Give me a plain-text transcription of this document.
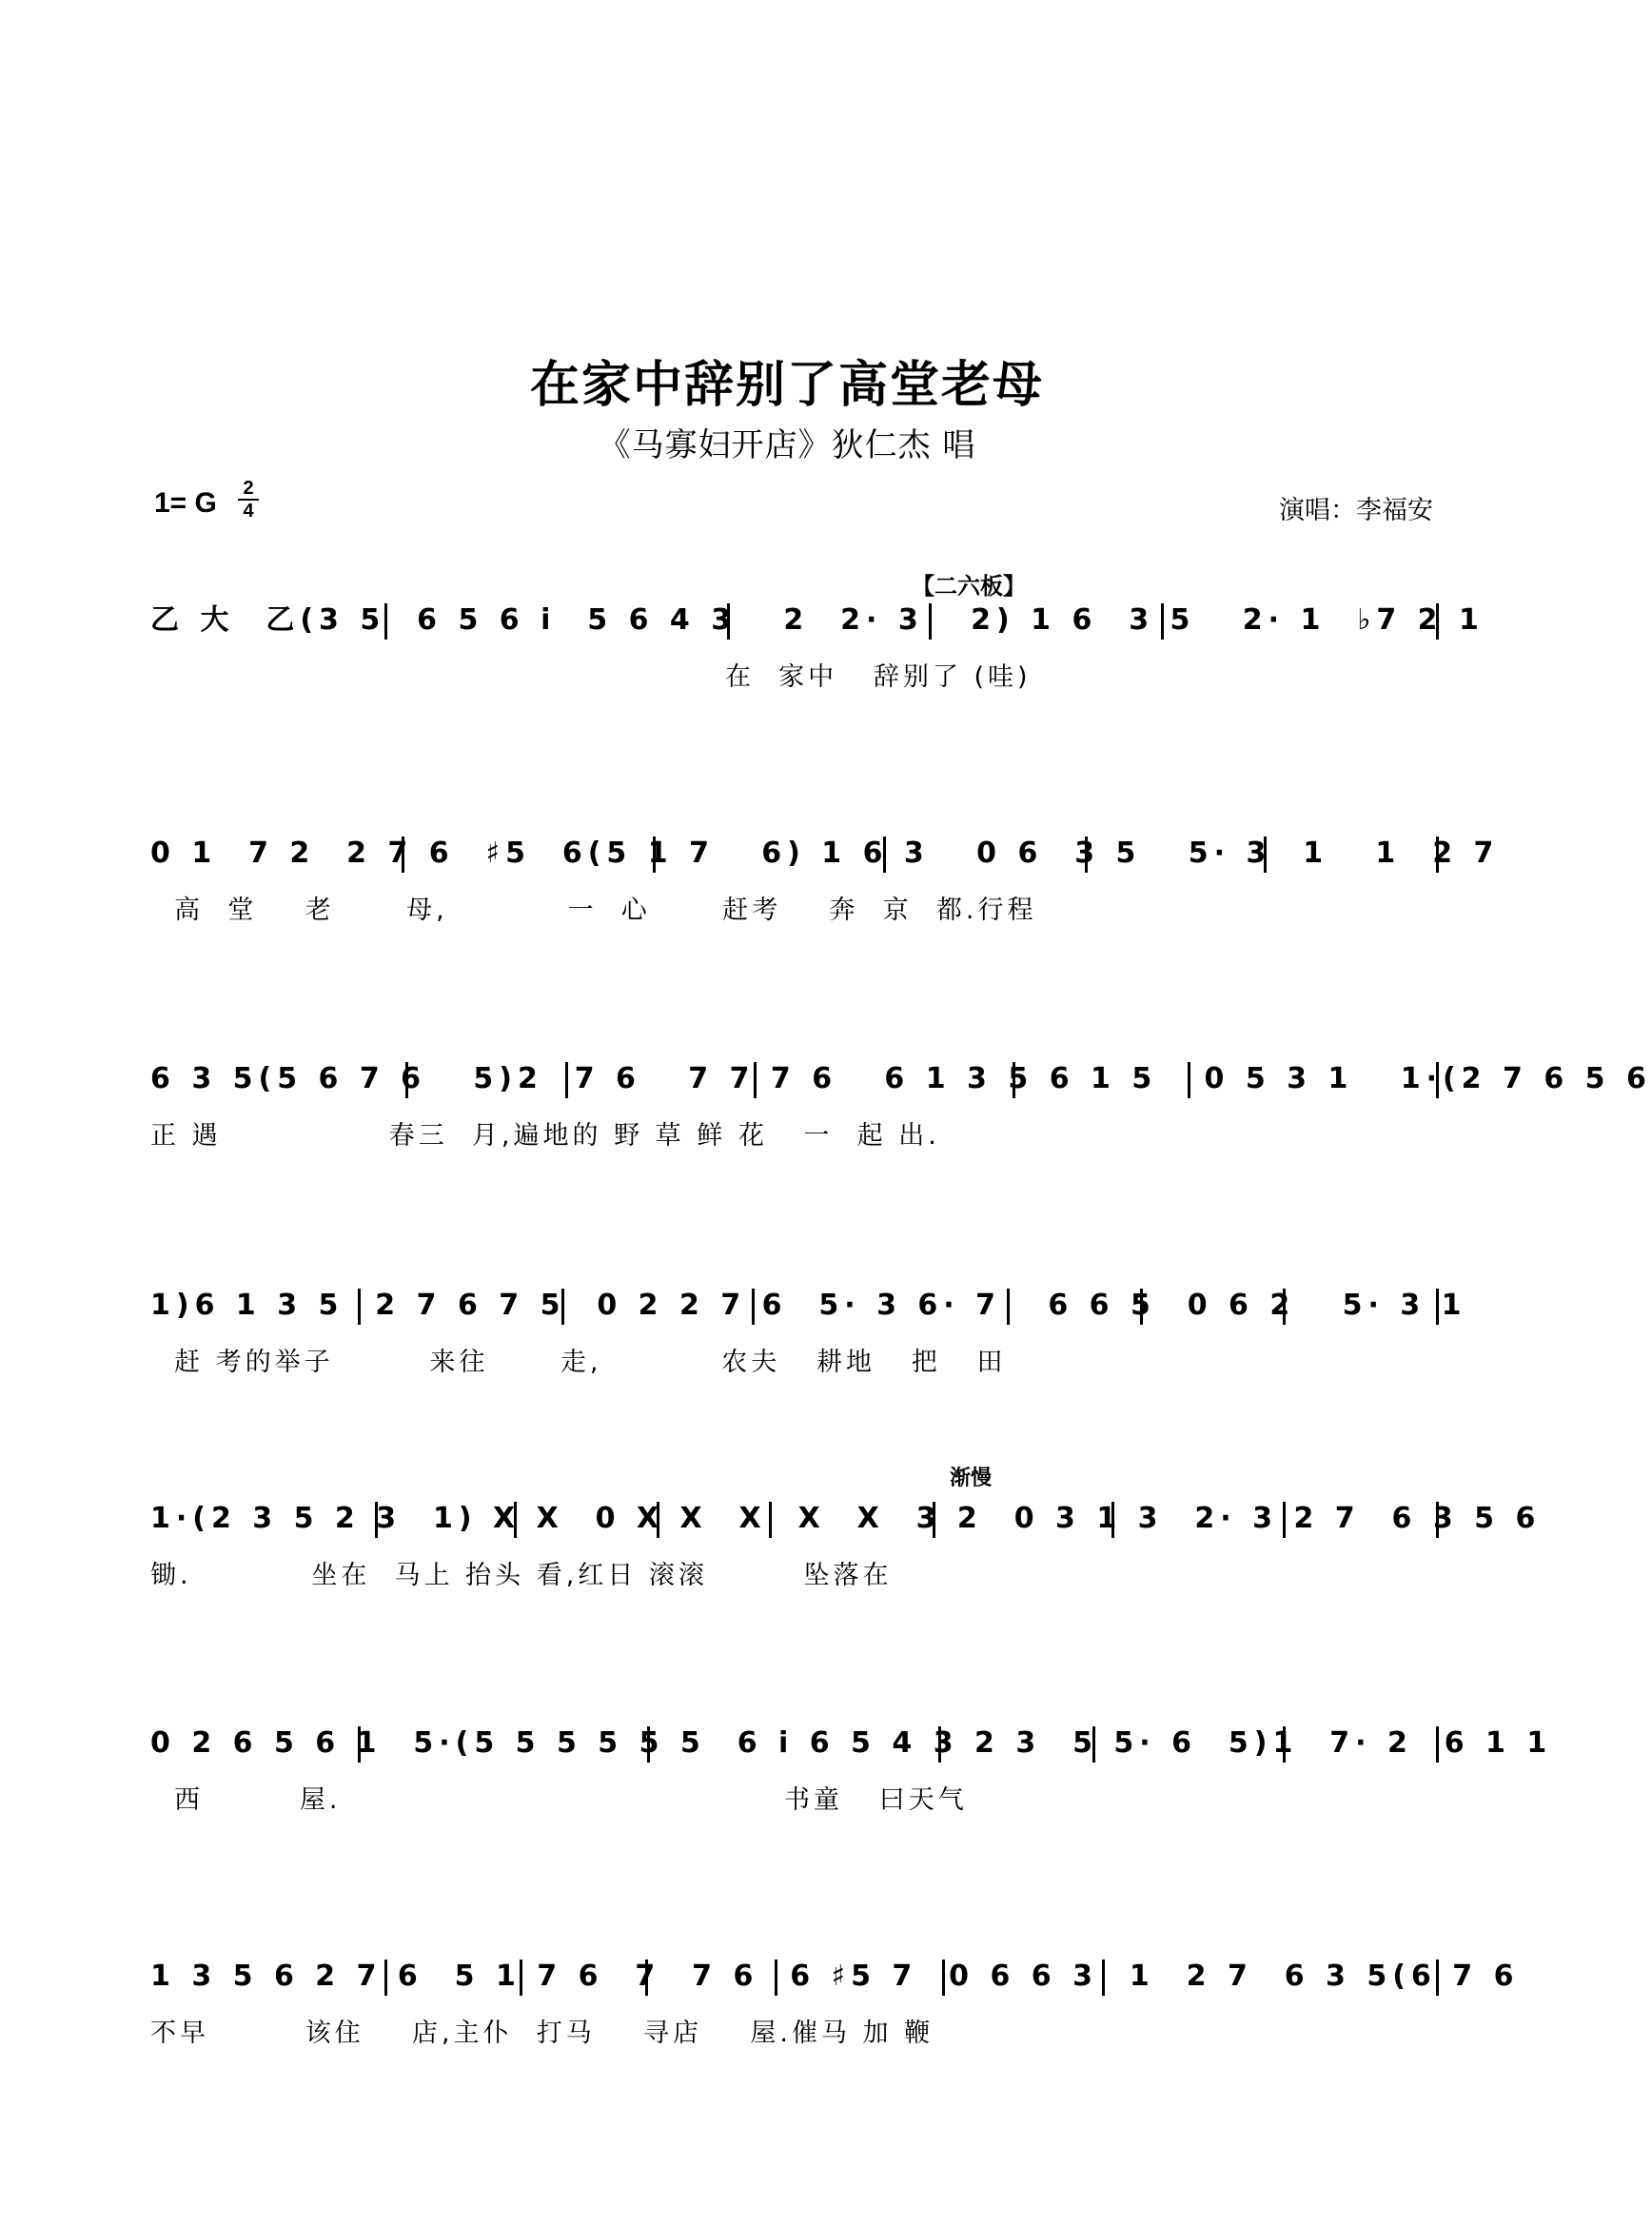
在家中辞别了高堂老母
《马寡妇开店》狄仁杰 唱
1= G 2
4	演唱：李福安
【二六板】
乙 大  乙(3 5  6 5 6 i  5 6 4 3   2  2· 3   2) 1 6  3 5   2· 1  ♭7 2 1
在  家中   辞别了 (哇)
0 1  7 2  2 7 6  ♯5  6(5 1 7   6) 1 6 3   0 6  3 5   5· 3  1   1  2 7
高  堂    老      母,          一  心      赶考    奔  京  都.行程
6 3 5(5 6 7 6   5)2  7 6   7 7 7 6   6 1 3 5 6 1 5   0 5 3 1   1·(2 7 6 5 6
正 遇              春三  月,遍地的 野 草 鲜 花   一  起 出.
1)6 1 3 5  2 7 6 7 5  0 2 2 7 6  5· 3 6· 7   6 6 5  0 6 2   5· 3 1
赶 考的举子        来往      走,          农夫   耕地   把   田
渐慢
1·(2 3 5 2 3  1) X X  0 X X  X  X  X  3 2  0 3 1 3  2· 3 2 7  6 3 5 6
锄.          坐在  马上 抬头 看,红日 滚滚        坠落在
0 2 6 5 6 1  5·(5 5 5 5 5 5  6 i 6 5 4 3 2 3  5 5· 6  5)1  7· 2  6 1 1
西        屋.                                     书童   曰天气
1 3 5 6 2 7 6  5 1 7 6  7  7 6  6 ♯5 7  0 6 6 3  1  2 7  6 3 5(6 7 6
不早        该住    店,主仆  打马    寻店    屋.催马 加 鞭
